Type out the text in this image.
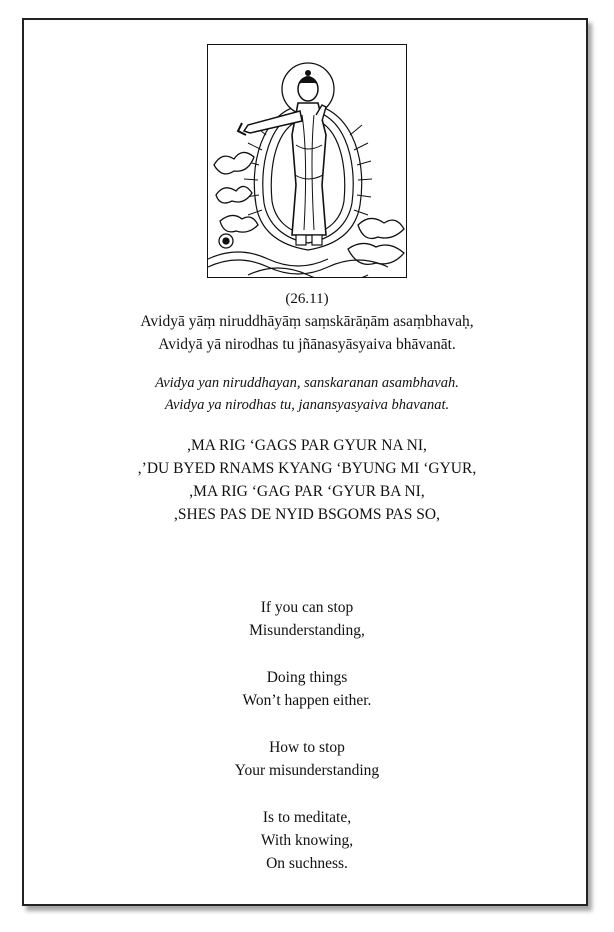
(26.11)
Avidyā yāṃ niruddhāyāṃ saṃskārāṇām asaṃbhavaḥ,
Avidyā yā nirodhas tu jñānasyāsyaiva bhāvanāt.
Avidya yan niruddhayan, sanskaranan asambhavah.
Avidya ya nirodhas tu, janansyasyaiva bhavanat.
,MA RIG ‘GAGS PAR GYUR NA NI,
,’DU BYED RNAMS KYANG ‘BYUNG MI ‘GYUR,
,MA RIG ‘GAG PAR ‘GYUR BA NI,
,SHES PAS DE NYID BSGOMS PAS SO,
If you can stop
Misunderstanding,
Doing things
Won’t happen either.
How to stop
Your misunderstanding
Is to meditate,
With knowing,
On suchness.
